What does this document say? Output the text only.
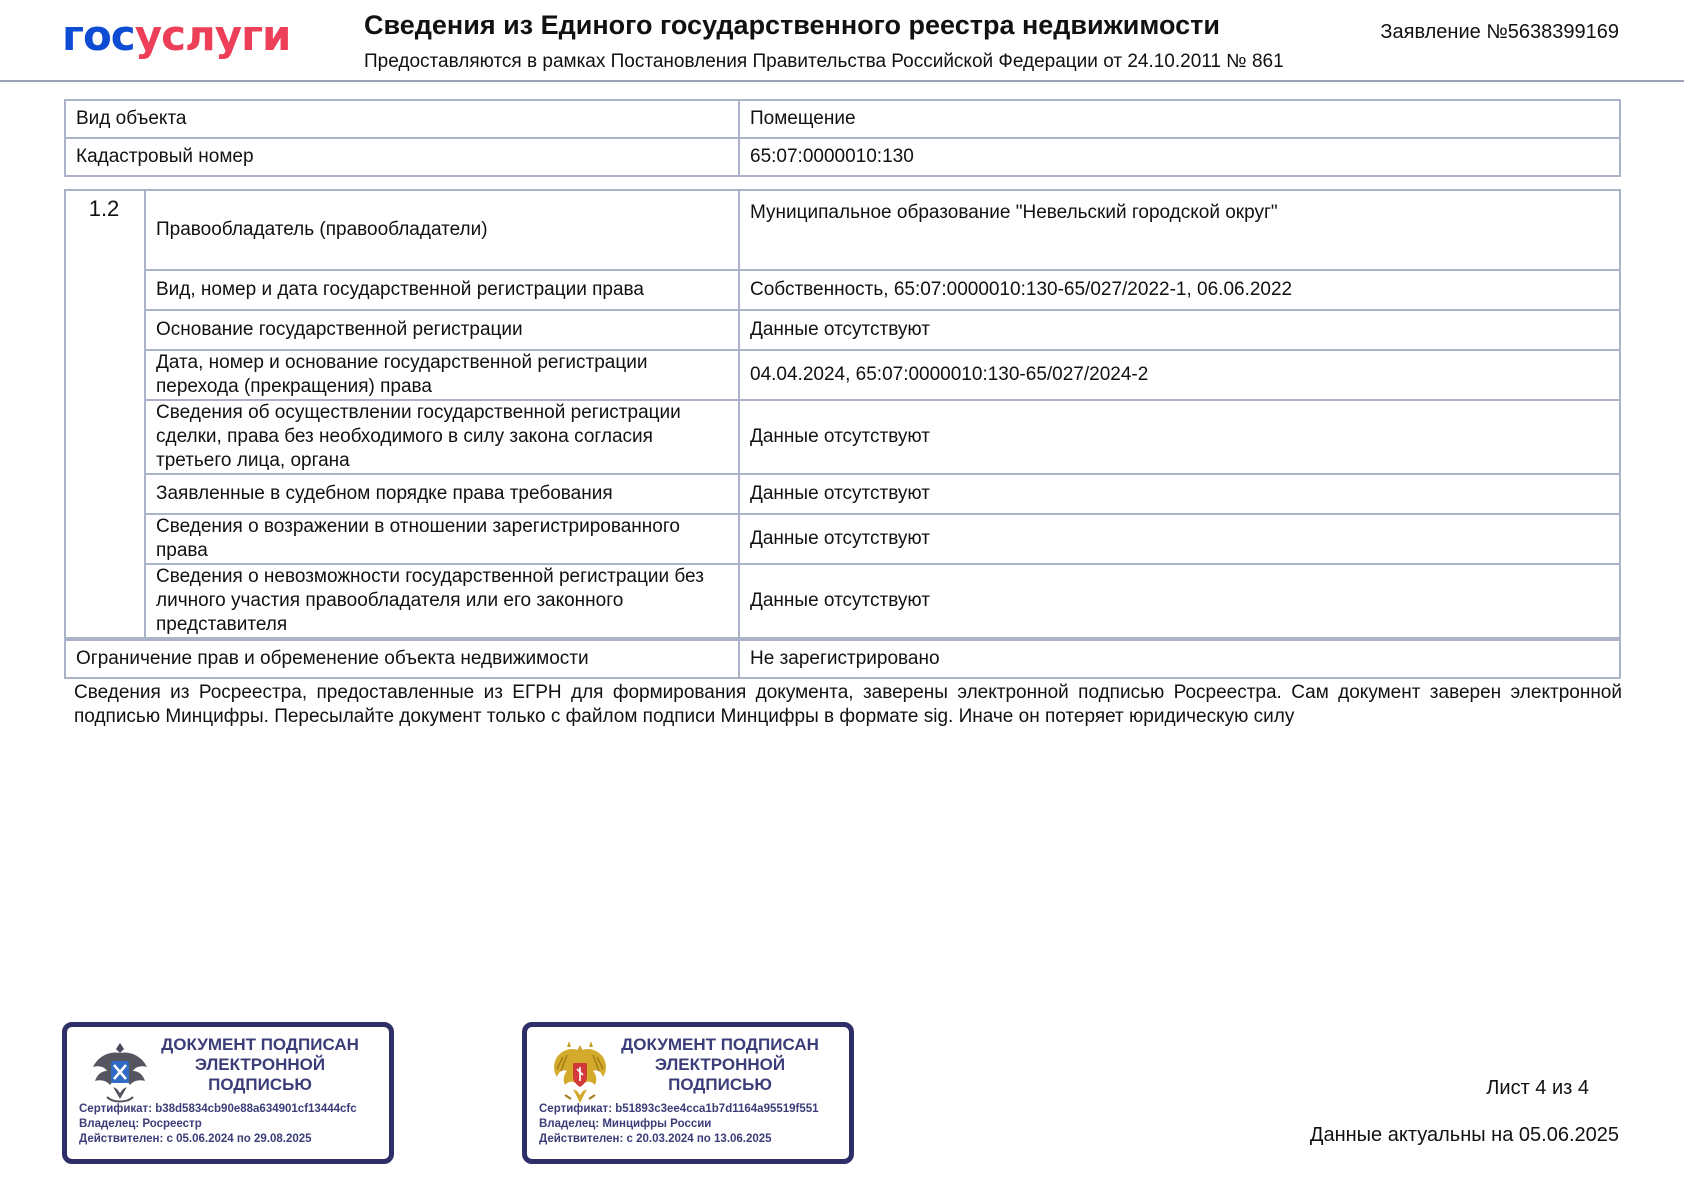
госуслуги	Сведения из Единого государственного реестра недвижимости
Предоставляются в рамках Постановления Правительства Российской Федерации от 24.10.2011 № 861
Заявление №5638399169
Вид объекта	Помещение
Кадастровый номер	65:07:0000010:130
1.2	Правообладатель (правообладатели)	Муниципальное образование "Невельский городской округ"
	Вид, номер и дата государственной регистрации права	Собственность, 65:07:0000010:130-65/027/2022-1, 06.06.2022
	Основание государственной регистрации	Данные отсутствуют
	Дата, номер и основание государственной регистрации перехода (прекращения) права	04.04.2024, 65:07:0000010:130-65/027/2024-2
	Сведения об осуществлении государственной регистрации сделки, права без необходимого в силу закона согласия третьего лица, органа	Данные отсутствуют
	Заявленные в судебном порядке права требования	Данные отсутствуют
	Сведения о возражении в отношении зарегистрированного права	Данные отсутствуют
	Сведения о невозможности государственной регистрации без личного участия правообладателя или его законного представителя	Данные отсутствуют
Ограничение прав и обременение объекта недвижимости	Не зарегистрировано
Сведения из Росреестра, предоставленные из ЕГРН для формирования документа, заверены электронной подписью Росреестра. Сам документ заверен электронной подписью Минцифры. Пересылайте документ только с файлом подписи Минцифры в формате sig. Иначе он потеряет юридическую силу
ДОКУМЕНТ ПОДПИСАН
ЭЛЕКТРОННОЙ
ПОДПИСЬЮ
Сертификат: b38d5834cb90e88a634901cf13444cfc
Владелец: Росреестр
Действителен: с 05.06.2024 по 29.08.2025
ДОКУМЕНТ ПОДПИСАН
ЭЛЕКТРОННОЙ
ПОДПИСЬЮ
Сертификат: b51893c3ee4cca1b7d1164a95519f551
Владелец: Минцифры России
Действителен: с 20.03.2024 по 13.06.2025
Лист 4 из 4
Данные актуальны на 05.06.2025
